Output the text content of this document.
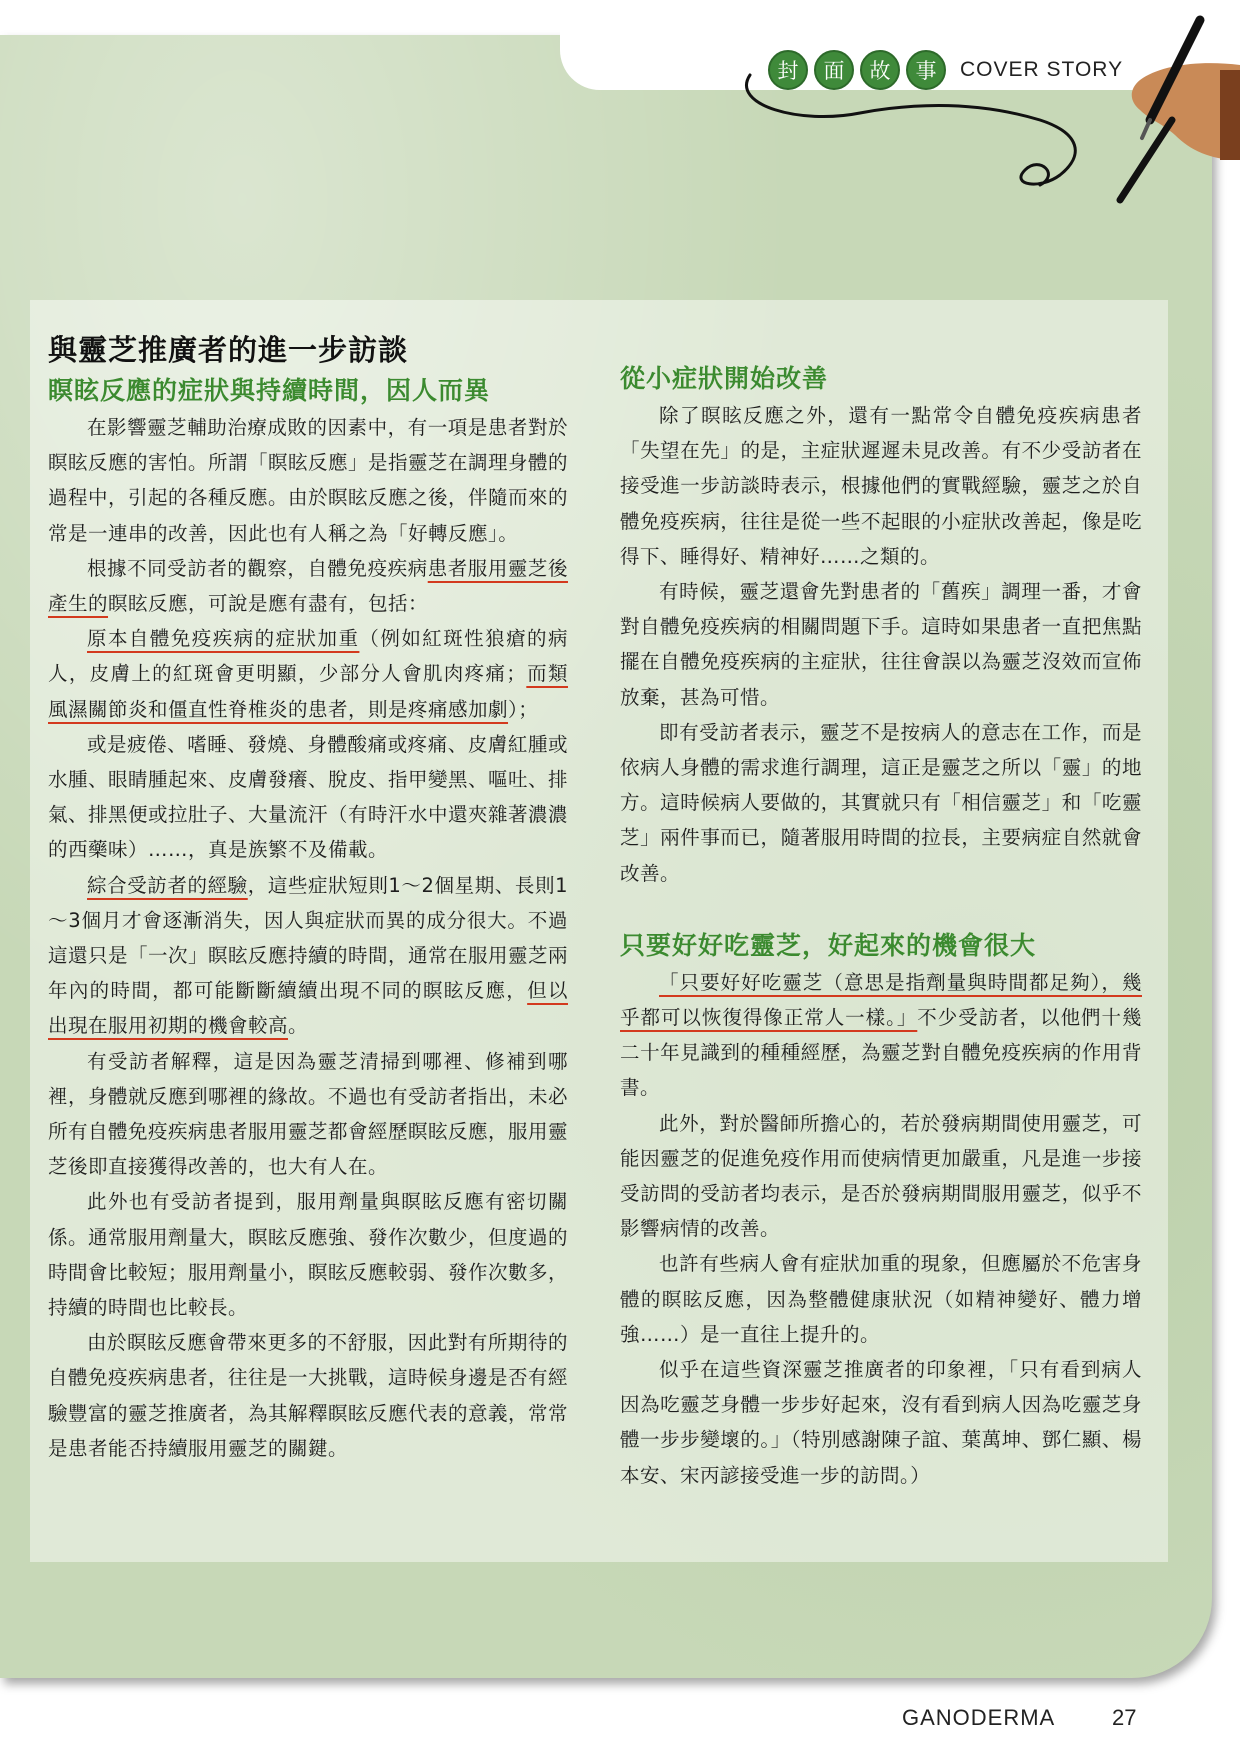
封	面	故	事	COVER STORY
與靈芝推廣者的進一步訪談
瞑眩反應的症狀與持續時間，因人而異

在影響靈芝輔助治療成敗的因素中，有一項是患者對於瞑眩反應的害怕。所謂「瞑眩反應」是指靈芝在調理身體的過程中，引起的各種反應。由於瞑眩反應之後，伴隨而來的常是一連串的改善，因此也有人稱之為「好轉反應」。

根據不同受訪者的觀察，自體免疫疾病患者服用靈芝後產生的瞑眩反應，可說是應有盡有，包括：

原本自體免疫疾病的症狀加重（例如紅斑性狼瘡的病人，皮膚上的紅斑會更明顯，少部分人會肌肉疼痛；而類風濕關節炎和僵直性脊椎炎的患者，則是疼痛感加劇）；

或是疲倦、嗜睡、發燒、身體酸痛或疼痛、皮膚紅腫或水腫、眼睛腫起來、皮膚發癢、脫皮、指甲變黑、嘔吐、排氣、排黑便或拉肚子、大量流汗（有時汗水中還夾雜著濃濃的西藥味）……，真是族繁不及備載。

綜合受訪者的經驗，這些症狀短則1～2個星期、長則1～3個月才會逐漸消失，因人與症狀而異的成分很大。不過這還只是「一次」瞑眩反應持續的時間，通常在服用靈芝兩年內的時間，都可能斷斷續續出現不同的瞑眩反應，但以出現在服用初期的機會較高。

有受訪者解釋，這是因為靈芝清掃到哪裡、修補到哪裡，身體就反應到哪裡的緣故。不過也有受訪者指出，未必所有自體免疫疾病患者服用靈芝都會經歷瞑眩反應，服用靈芝後即直接獲得改善的，也大有人在。

此外也有受訪者提到，服用劑量與瞑眩反應有密切關係。通常服用劑量大，瞑眩反應強、發作次數少，但度過的時間會比較短；服用劑量小，瞑眩反應較弱、發作次數多，持續的時間也比較長。

由於瞑眩反應會帶來更多的不舒服，因此對有所期待的自體免疫疾病患者，往往是一大挑戰，這時候身邊是否有經驗豐富的靈芝推廣者，為其解釋瞑眩反應代表的意義，常常是患者能否持續服用靈芝的關鍵。

從小症狀開始改善

除了瞑眩反應之外，還有一點常令自體免疫疾病患者「失望在先」的是，主症狀遲遲未見改善。有不少受訪者在接受進一步訪談時表示，根據他們的實戰經驗，靈芝之於自體免疫疾病，往往是從一些不起眼的小症狀改善起，像是吃得下、睡得好、精神好……之類的。

有時候，靈芝還會先對患者的「舊疾」調理一番，才會對自體免疫疾病的相關問題下手。這時如果患者一直把焦點擺在自體免疫疾病的主症狀，往往會誤以為靈芝沒效而宣佈放棄，甚為可惜。

即有受訪者表示，靈芝不是按病人的意志在工作，而是依病人身體的需求進行調理，這正是靈芝之所以「靈」的地方。這時候病人要做的，其實就只有「相信靈芝」和「吃靈芝」兩件事而已，隨著服用時間的拉長，主要病症自然就會改善。

只要好好吃靈芝，好起來的機會很大

「只要好好吃靈芝（意思是指劑量與時間都足夠），幾乎都可以恢復得像正常人一樣。」不少受訪者，以他們十幾二十年見識到的種種經歷，為靈芝對自體免疫疾病的作用背書。

此外，對於醫師所擔心的，若於發病期間使用靈芝，可能因靈芝的促進免疫作用而使病情更加嚴重，凡是進一步接受訪問的受訪者均表示，是否於發病期間服用靈芝，似乎不影響病情的改善。

也許有些病人會有症狀加重的現象，但應屬於不危害身體的瞑眩反應，因為整體健康狀況（如精神變好、體力增強……）是一直往上提升的。

似乎在這些資深靈芝推廣者的印象裡，「只有看到病人因為吃靈芝身體一步步好起來，沒有看到病人因為吃靈芝身體一步步變壞的。」（特別感謝陳子誼、葉萬坤、鄧仁顯、楊本安、宋丙諺接受進一步的訪問。）

GANODERMA	27
